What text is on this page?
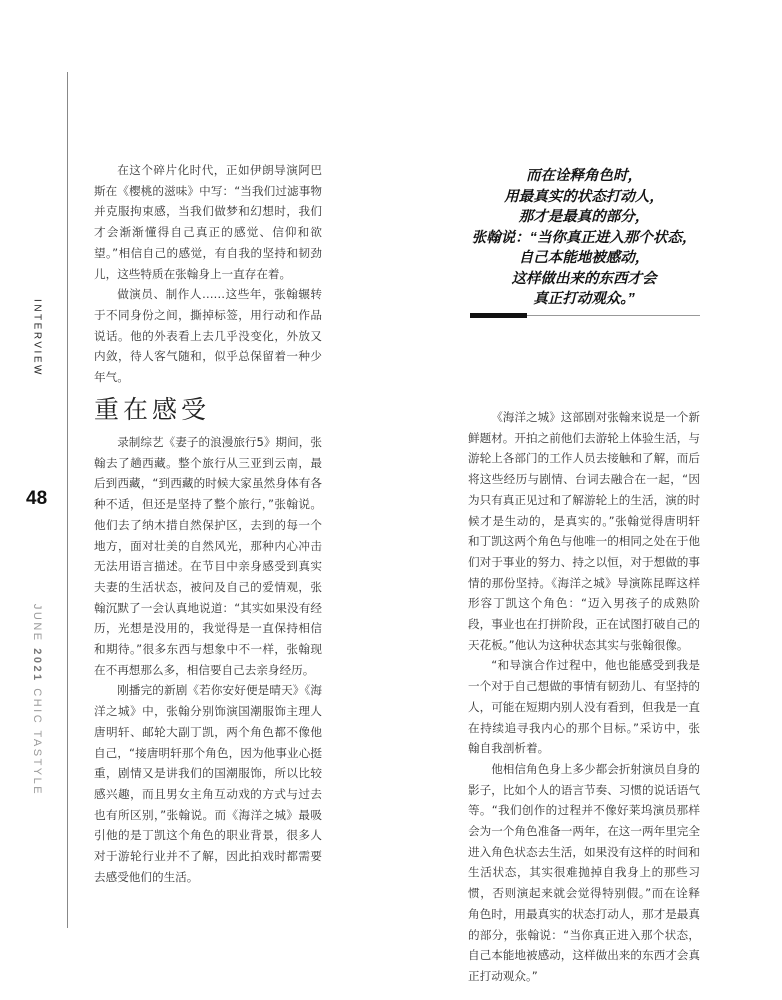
INTERVIEW
48
JUNE 2021 CHIC TASTYLE

在这个碎片化时代，正如伊朗导演阿巴斯在《樱桃的滋味》中写：“当我们过滤事物并克服拘束感，当我们做梦和幻想时，我们才会渐渐懂得自己真正的感觉、信仰和欲望。”相信自己的感觉，有自我的坚持和韧劲儿，这些特质在张翰身上一直存在着。

做演员、制作人……这些年，张翰辗转于不同身份之间，撕掉标签，用行动和作品说话。他的外表看上去几乎没变化，外放又内敛，待人客气随和，似乎总保留着一种少年气。

重在感受

录制综艺《妻子的浪漫旅行5》期间，张翰去了趟西藏。整个旅行从三亚到云南，最后到西藏，“到西藏的时候大家虽然身体有各种不适，但还是坚持了整个旅行，”张翰说。他们去了纳木措自然保护区，去到的每一个地方，面对壮美的自然风光，那种内心冲击无法用语言描述。在节目中亲身感受到真实夫妻的生活状态，被问及自己的爱情观，张翰沉默了一会认真地说道：“其实如果没有经历，光想是没用的，我觉得是一直保持相信和期待。”很多东西与想象中不一样，张翰现在不再想那么多，相信要自己去亲身经历。

刚播完的新剧《若你安好便是晴天》《海洋之城》中，张翰分别饰演国潮服饰主理人唐明轩、邮轮大副丁凯，两个角色都不像他自己，“接唐明轩那个角色，因为他事业心挺重，剧情又是讲我们的国潮服饰，所以比较感兴趣，而且男女主角互动戏的方式与过去也有所区别，”张翰说。而《海洋之城》最吸引他的是丁凯这个角色的职业背景，很多人对于游轮行业并不了解，因此拍戏时都需要去感受他们的生活。

而在诠释角色时，
用最真实的状态打动人，
那才是最真的部分，
张翰说：“当你真正进入那个状态，
自己本能地被感动，
这样做出来的东西才会
真正打动观众。”

《海洋之城》这部剧对张翰来说是一个新鲜题材。开拍之前他们去游轮上体验生活，与游轮上各部门的工作人员去接触和了解，而后将这些经历与剧情、台词去融合在一起，“因为只有真正见过和了解游轮上的生活，演的时候才是生动的，是真实的。”张翰觉得唐明轩和丁凯这两个角色与他唯一的相同之处在于他们对于事业的努力、持之以恒，对于想做的事情的那份坚持。《海洋之城》导演陈昆晖这样形容丁凯这个角色：“迈入男孩子的成熟阶段，事业也在打拼阶段，正在试图打破自己的天花板。”他认为这种状态其实与张翰很像。

“和导演合作过程中，他也能感受到我是一个对于自己想做的事情有韧劲儿、有坚持的人，可能在短期内别人没有看到，但我是一直在持续追寻我内心的那个目标。”采访中，张翰自我剖析着。

他相信角色身上多少都会折射演员自身的影子，比如个人的语言节奏、习惯的说话语气等。“我们创作的过程并不像好莱坞演员那样会为一个角色准备一两年，在这一两年里完全进入角色状态去生活，如果没有这样的时间和生活状态，其实很难抛掉自我身上的那些习惯，否则演起来就会觉得特别假。”而在诠释角色时，用最真实的状态打动人，那才是最真的部分，张翰说：“当你真正进入那个状态，自己本能地被感动，这样做出来的东西才会真正打动观众。”
